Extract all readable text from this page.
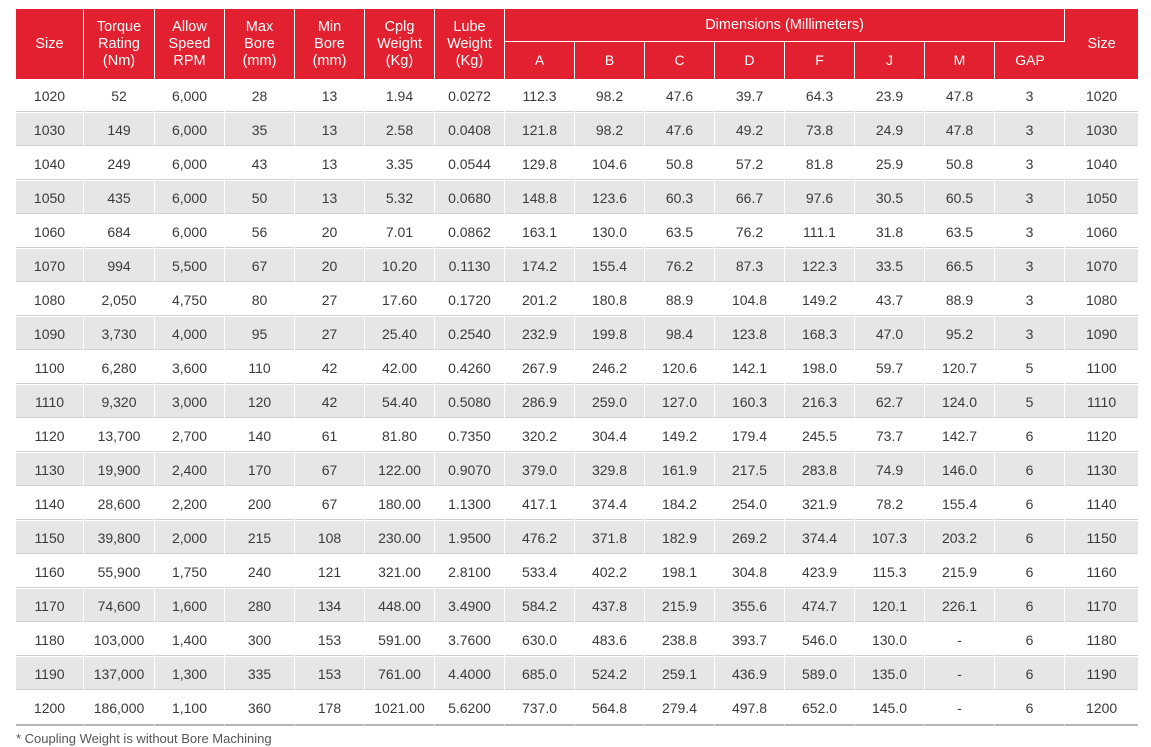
Size	Torque
Rating
(Nm)	Allow
Speed
RPM	Max
Bore
(mm)	Min
Bore
(mm)	Cplg
Weight
(Kg)	Lube
Weight
(Kg)	Dimensions (Millimeters)								Size
							A	B	C	D	F	J	M	GAP	
1020	52	6,000	28	13	1.94	0.0272	112.3	98.2	47.6	39.7	64.3	23.9	47.8	3	1020
1030	149	6,000	35	13	2.58	0.0408	121.8	98.2	47.6	49.2	73.8	24.9	47.8	3	1030
1040	249	6,000	43	13	3.35	0.0544	129.8	104.6	50.8	57.2	81.8	25.9	50.8	3	1040
1050	435	6,000	50	13	5.32	0.0680	148.8	123.6	60.3	66.7	97.6	30.5	60.5	3	1050
1060	684	6,000	56	20	7.01	0.0862	163.1	130.0	63.5	76.2	111.1	31.8	63.5	3	1060
1070	994	5,500	67	20	10.20	0.1130	174.2	155.4	76.2	87.3	122.3	33.5	66.5	3	1070
1080	2,050	4,750	80	27	17.60	0.1720	201.2	180.8	88.9	104.8	149.2	43.7	88.9	3	1080
1090	3,730	4,000	95	27	25.40	0.2540	232.9	199.8	98.4	123.8	168.3	47.0	95.2	3	1090
1100	6,280	3,600	110	42	42.00	0.4260	267.9	246.2	120.6	142.1	198.0	59.7	120.7	5	1100
1110	9,320	3,000	120	42	54.40	0.5080	286.9	259.0	127.0	160.3	216.3	62.7	124.0	5	1110
1120	13,700	2,700	140	61	81.80	0.7350	320.2	304.4	149.2	179.4	245.5	73.7	142.7	6	1120
1130	19,900	2,400	170	67	122.00	0.9070	379.0	329.8	161.9	217.5	283.8	74.9	146.0	6	1130
1140	28,600	2,200	200	67	180.00	1.1300	417.1	374.4	184.2	254.0	321.9	78.2	155.4	6	1140
1150	39,800	2,000	215	108	230.00	1.9500	476.2	371.8	182.9	269.2	374.4	107.3	203.2	6	1150
1160	55,900	1,750	240	121	321.00	2.8100	533.4	402.2	198.1	304.8	423.9	115.3	215.9	6	1160
1170	74,600	1,600	280	134	448.00	3.4900	584.2	437.8	215.9	355.6	474.7	120.1	226.1	6	1170
1180	103,000	1,400	300	153	591.00	3.7600	630.0	483.6	238.8	393.7	546.0	130.0	-	6	1180
1190	137,000	1,300	335	153	761.00	4.4000	685.0	524.2	259.1	436.9	589.0	135.0	-	6	1190
1200	186,000	1,100	360	178	1021.00	5.6200	737.0	564.8	279.4	497.8	652.0	145.0	-	6	1200
* Coupling Weight is without Bore Machining
